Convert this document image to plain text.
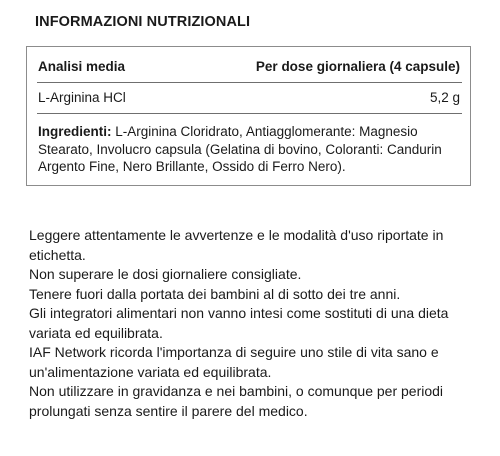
INFORMAZIONI NUTRIZIONALI
Analisi media	Per dose giornaliera (4 capsule)
L-Arginina HCl	5,2 g
Ingredienti: L-Arginina Cloridrato, Antiagglomerante: Magnesio Stearato, Involucro capsula (Gelatina di bovino, Coloranti: Candurin Argento Fine, Nero Brillante, Ossido di Ferro Nero).

Leggere attentamente le avvertenze e le modalità d'uso riportate in etichetta.

Non superare le dosi giornaliere consigliate.

Tenere fuori dalla portata dei bambini al di sotto dei tre anni.

Gli integratori alimentari non vanno intesi come sostituti di una dieta variata ed equilibrata.

IAF Network ricorda l'importanza di seguire uno stile di vita sano e un'alimentazione variata ed equilibrata.

Non utilizzare in gravidanza e nei bambini, o comunque per periodi prolungati senza sentire il parere del medico.
